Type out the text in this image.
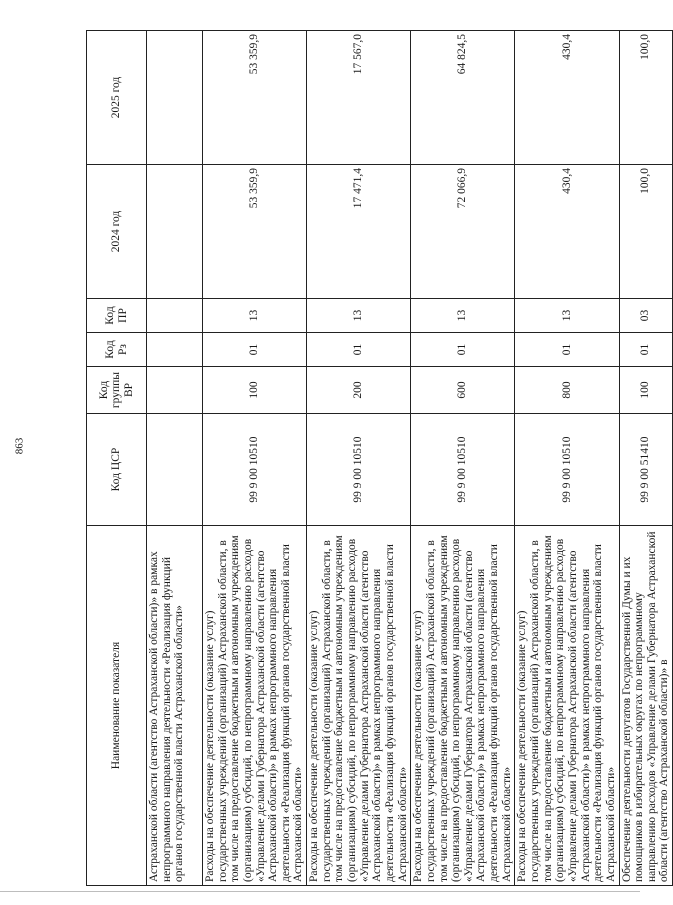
863
Наименование показателя	Код ЦСР	Код группы ВР	Код Рз	Код ПР	2024 год	2025 год
Астраханской области (агентство Астраханской области)» в рамках непрограммного направления деятельности «Реализация функций органов государственной власти Астраханской области»						
Расходы на обеспечение деятельности (оказание услуг) государственных учреждений (организаций) Астраханской области, в том числе на предоставление бюджетным и автономным учреждениям (организациям) субсидий, по непрограммному направлению расходов «Управление делами Губернатора Астраханской области (агентство Астраханской области)» в рамках непрограммного направления деятельности «Реализация функций органов государственной власти Астраханской области»	99 9 00 10510	100	01	13	53 359,9	53 359,9
Расходы на обеспечение деятельности (оказание услуг) государственных учреждений (организаций) Астраханской области, в том числе на предоставление бюджетным и автономным учреждениям (организациям) субсидий, по непрограммному направлению расходов «Управление делами Губернатора Астраханской области (агентство Астраханской области)» в рамках непрограммного направления деятельности «Реализация функций органов государственной власти Астраханской области»	99 9 00 10510	200	01	13	17 471,4	17 567,0
Расходы на обеспечение деятельности (оказание услуг) государственных учреждений (организаций) Астраханской области, в том числе на предоставление бюджетным и автономным учреждениям (организациям) субсидий, по непрограммному направлению расходов «Управление делами Губернатора Астраханской области (агентство Астраханской области)» в рамках непрограммного направления деятельности «Реализация функций органов государственной власти Астраханской области»	99 9 00 10510	600	01	13	72 066,9	64 824,5
Расходы на обеспечение деятельности (оказание услуг) государственных учреждений (организаций) Астраханской области, в том числе на предоставление бюджетным и автономным учреждениям (организациям) субсидий, по непрограммному направлению расходов «Управление делами Губернатора Астраханской области (агентство Астраханской области)» в рамках непрограммного направления деятельности «Реализация функций органов государственной власти Астраханской области»	99 9 00 10510	800	01	13	430,4	430,4
Обеспечение деятельности депутатов Государственной Думы и их помощников в избирательных округах по непрограммному направлению расходов «Управление делами Губернатора Астраханской области (агентство Астраханской области)» в	99 9 00 51410	100	01	03	100,0	100,0
